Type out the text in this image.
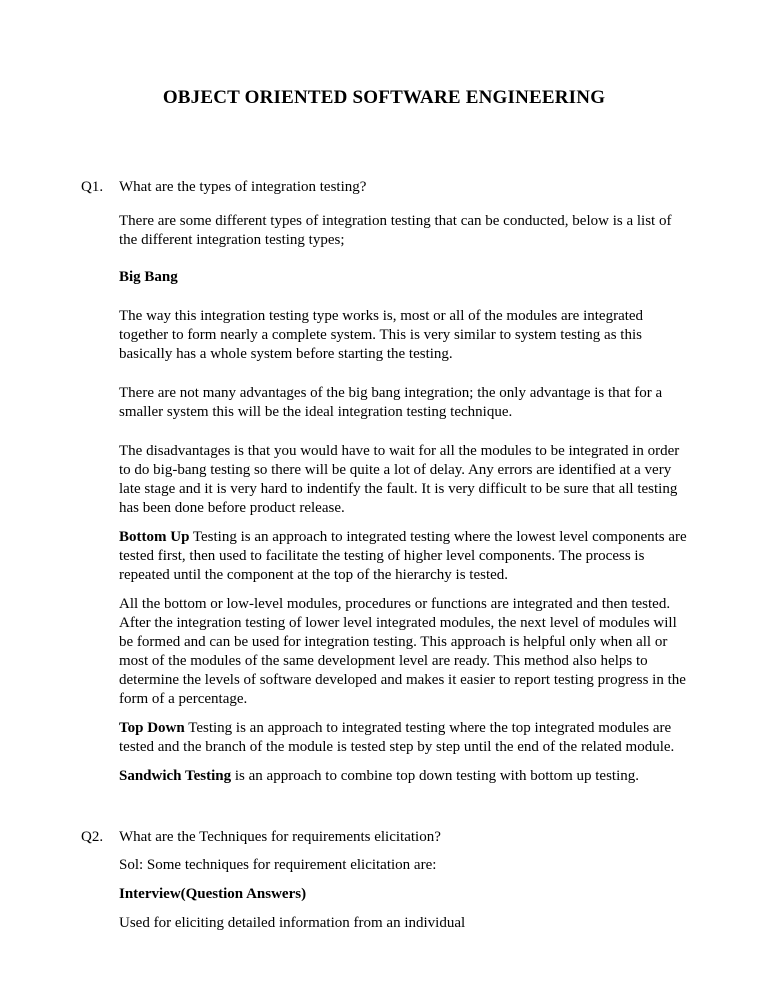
OBJECT ORIENTED SOFTWARE ENGINEERING
Q1. What are the types of integration testing?

There are some different types of integration testing that can be conducted, below is a list of the different integration testing types;

Big Bang

The way this integration testing type works is, most or all of the modules are integrated together to form nearly a complete system. This is very similar to system testing as this basically has a whole system before starting the testing.

There are not many advantages of the big bang integration; the only advantage is that for a smaller system this will be the ideal integration testing technique.

The disadvantages is that you would have to wait for all the modules to be integrated in order to do big-bang testing so there will be quite a lot of delay. Any errors are identified at a very late stage and it is very hard to indentify the fault. It is very difficult to be sure that all testing has been done before product release.

Bottom Up Testing is an approach to integrated testing where the lowest level components are tested first, then used to facilitate the testing of higher level components. The process is repeated until the component at the top of the hierarchy is tested.

All the bottom or low-level modules, procedures or functions are integrated and then tested. After the integration testing of lower level integrated modules, the next level of modules will be formed and can be used for integration testing. This approach is helpful only when all or most of the modules of the same development level are ready. This method also helps to determine the levels of software developed and makes it easier to report testing progress in the form of a percentage.

Top Down Testing is an approach to integrated testing where the top integrated modules are tested and the branch of the module is tested step by step until the end of the related module.

Sandwich Testing is an approach to combine top down testing with bottom up testing.

Q2. What are the Techniques for requirements elicitation?

Sol: Some techniques for requirement elicitation are:

Interview(Question Answers)

Used for eliciting detailed information from an individual
